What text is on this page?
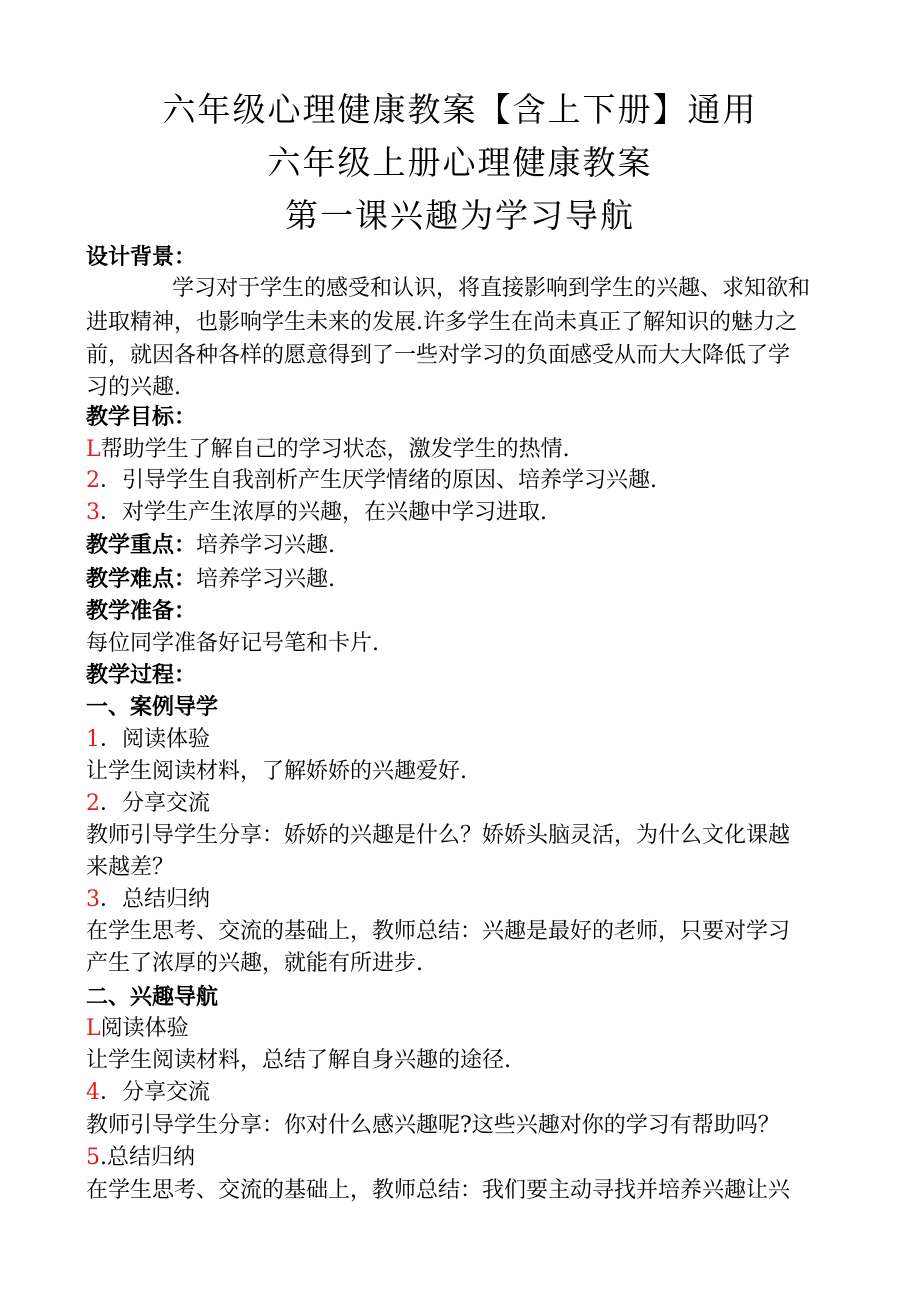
六年级心理健康教案【含上下册】通用
六年级上册心理健康教案
第一课兴趣为学习导航
设计背景：
学习对于学生的感受和认识，将直接影响到学生的兴趣、求知欲和
进取精神，也影响学生未来的发展.许多学生在尚未真正了解知识的魅力之
前，就因各种各样的愿意得到了一些对学习的负面感受从而大大降低了学
习的兴趣.
教学目标：
L帮助学生了解自己的学习状态，激发学生的热情.
2．引导学生自我剖析产生厌学情绪的原因、培养学习兴趣.
3．对学生产生浓厚的兴趣，在兴趣中学习进取.
教学重点：培养学习兴趣.
教学难点：培养学习兴趣.
教学准备：
每位同学准备好记号笔和卡片.
教学过程：
一、案例导学
1．阅读体验
让学生阅读材料，了解娇娇的兴趣爱好.
2．分享交流
教师引导学生分享：娇娇的兴趣是什么？娇娇头脑灵活，为什么文化课越
来越差？
3．总结归纳
在学生思考、交流的基础上，教师总结：兴趣是最好的老师，只要对学习
产生了浓厚的兴趣，就能有所进步.
二、兴趣导航
L阅读体验
让学生阅读材料，总结了解自身兴趣的途径.
4．分享交流
教师引导学生分享：你对什么感兴趣呢?这些兴趣对你的学习有帮助吗？
5.总结归纳
在学生思考、交流的基础上，教师总结：我们要主动寻找并培养兴趣让兴
